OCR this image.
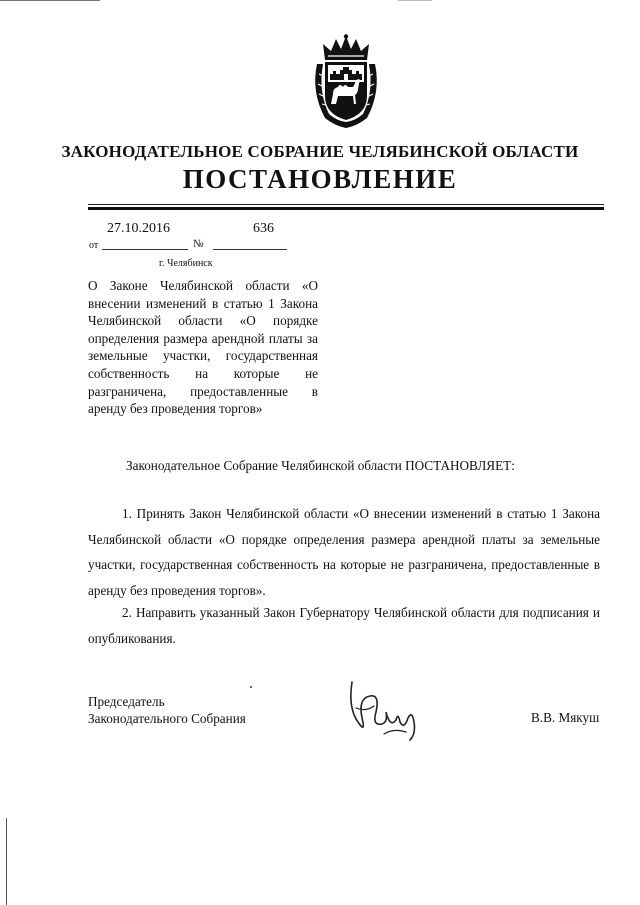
ЗАКОНОДАТЕЛЬНОЕ СОБРАНИЕ ЧЕЛЯБИНСКОЙ ОБЛАСТИ
ПОСТАНОВЛЕНИЕ
27.10.2016	636
от	№
г. Челябинск
О Законе Челябинской области «О внесении изменений в статью 1 Закона Челябинской области «О порядке определения размера арендной платы за земельные участки, государственная собственность на которые не разграничена, предоставленные в аренду без проведения торгов»
Законодательное Собрание Челябинской области ПОСТАНОВЛЯЕТ:

1. Принять Закон Челябинской области «О внесении изменений в статью 1 Закона Челябинской области «О порядке определения размера арендной платы за земельные участки, государственная собственность на которые не разграничена, предоставленные в аренду без проведения торгов».

2. Направить указанный Закон Губернатору Челябинской области для подписания и опубликования.

Председатель
Законодательного Собрания	В.В. Мякуш
